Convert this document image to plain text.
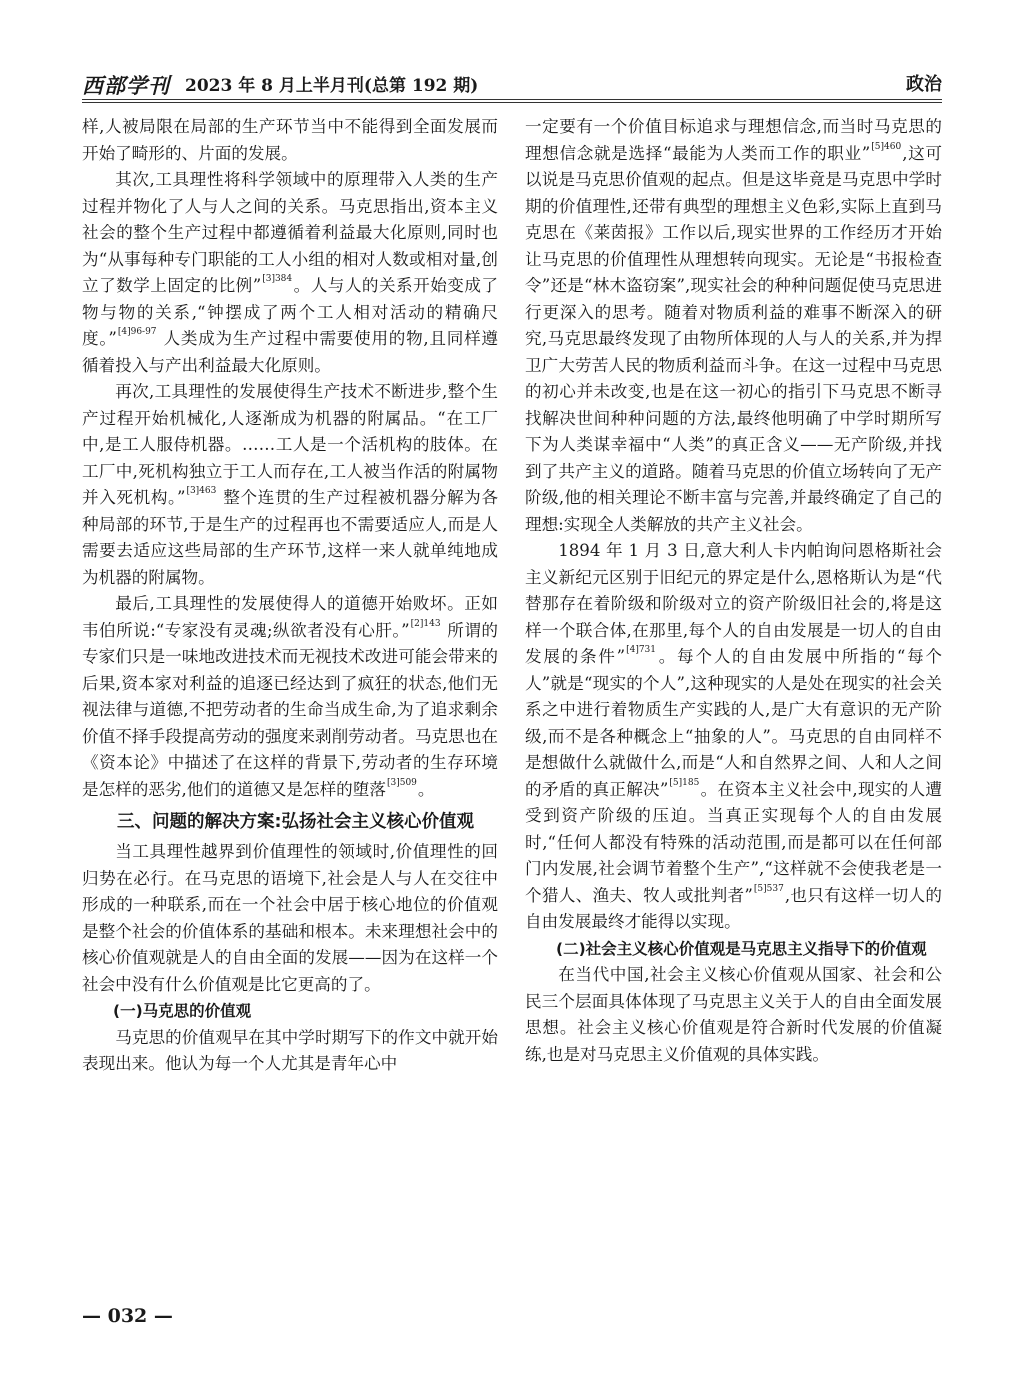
西部学刊 2023 年 8 月上半月刊(总第 192 期)	政治

样,人被局限在局部的生产环节当中不能得到全面发展而开始了畸形的、片面的发展。

其次,工具理性将科学领域中的原理带入人类的生产过程并物化了人与人之间的关系。马克思指出,资本主义社会的整个生产过程中都遵循着利益最大化原则,同时也为“从事每种专门职能的工人小组的相对人数或相对量,创立了数学上固定的比例”$^{[3]384}$。人与人的关系开始变成了物与物的关系,“钟摆成了两个工人相对活动的精确尺度。”$^{[4]96-97}$ 人类成为生产过程中需要使用的物,且同样遵循着投入与产出利益最大化原则。

再次,工具理性的发展使得生产技术不断进步,整个生产过程开始机械化,人逐渐成为机器的附属品。“在工厂中,是工人服侍机器。……工人是一个活机构的肢体。在工厂中,死机构独立于工人而存在,工人被当作活的附属物并入死机构。”$^{[3]463}$ 整个连贯的生产过程被机器分解为各种局部的环节,于是生产的过程再也不需要适应人,而是人需要去适应这些局部的生产环节,这样一来人就单纯地成为机器的附属物。

最后,工具理性的发展使得人的道德开始败坏。正如韦伯所说:“专家没有灵魂;纵欲者没有心肝。”$^{[2]143}$ 所谓的专家们只是一味地改进技术而无视技术改进可能会带来的后果,资本家对利益的追逐已经达到了疯狂的状态,他们无视法律与道德,不把劳动者的生命当成生命,为了追求剩余价值不择手段提高劳动的强度来剥削劳动者。马克思也在《资本论》中描述了在这样的背景下,劳动者的生存环境是怎样的恶劣,他们的道德又是怎样的堕落$^{[3]509}$。

三、问题的解决方案:弘扬社会主义核心价值观

当工具理性越界到价值理性的领域时,价值理性的回归势在必行。在马克思的语境下,社会是人与人在交往中形成的一种联系,而在一个社会中居于核心地位的价值观是整个社会的价值体系的基础和根本。未来理想社会中的核心价值观就是人的自由全面的发展——因为在这样一个社会中没有什么价值观是比它更高的了。

(一)马克思的价值观

马克思的价值观早在其中学时期写下的作文中就开始表现出来。他认为每一个人尤其是青年心中

一定要有一个价值目标追求与理想信念,而当时马克思的理想信念就是选择“最能为人类而工作的职业”$^{[5]460}$,这可以说是马克思价值观的起点。但是这毕竟是马克思中学时期的价值理性,还带有典型的理想主义色彩,实际上直到马克思在《莱茵报》工作以后,现实世界的工作经历才开始让马克思的价值理性从理想转向现实。无论是“书报检查令”还是“林木盗窃案”,现实社会的种种问题促使马克思进行更深入的思考。随着对物质利益的难事不断深入的研究,马克思最终发现了由物所体现的人与人的关系,并为捍卫广大劳苦人民的物质利益而斗争。在这一过程中马克思的初心并未改变,也是在这一初心的指引下马克思不断寻找解决世间种种问题的方法,最终他明确了中学时期所写下为人类谋幸福中“人类”的真正含义——无产阶级,并找到了共产主义的道路。随着马克思的价值立场转向了无产阶级,他的相关理论不断丰富与完善,并最终确定了自己的理想:实现全人类解放的共产主义社会。

1894 年 1 月 3 日,意大利人卡内帕询问恩格斯社会主义新纪元区别于旧纪元的界定是什么,恩格斯认为是“代替那存在着阶级和阶级对立的资产阶级旧社会的,将是这样一个联合体,在那里,每个人的自由发展是一切人的自由发展的条件”$^{[4]731}$。每个人的自由发展中所指的“每个人”就是“现实的个人”,这种现实的人是处在现实的社会关系之中进行着物质生产实践的人,是广大有意识的无产阶级,而不是各种概念上“抽象的人”。马克思的自由同样不是想做什么就做什么,而是“人和自然界之间、人和人之间的矛盾的真正解决”$^{[5]185}$。在资本主义社会中,现实的人遭受到资产阶级的压迫。当真正实现每个人的自由发展时,“任何人都没有特殊的活动范围,而是都可以在任何部门内发展,社会调节着整个生产”,“这样就不会使我老是一个猎人、渔夫、牧人或批判者”$^{[5]537}$,也只有这样一切人的自由发展最终才能得以实现。

(二)社会主义核心价值观是马克思主义指导下的价值观

在当代中国,社会主义核心价值观从国家、社会和公民三个层面具体体现了马克思主义关于人的自由全面发展思想。社会主义核心价值观是符合新时代发展的价值凝练,也是对马克思主义价值观的具体实践。

— 032 —
